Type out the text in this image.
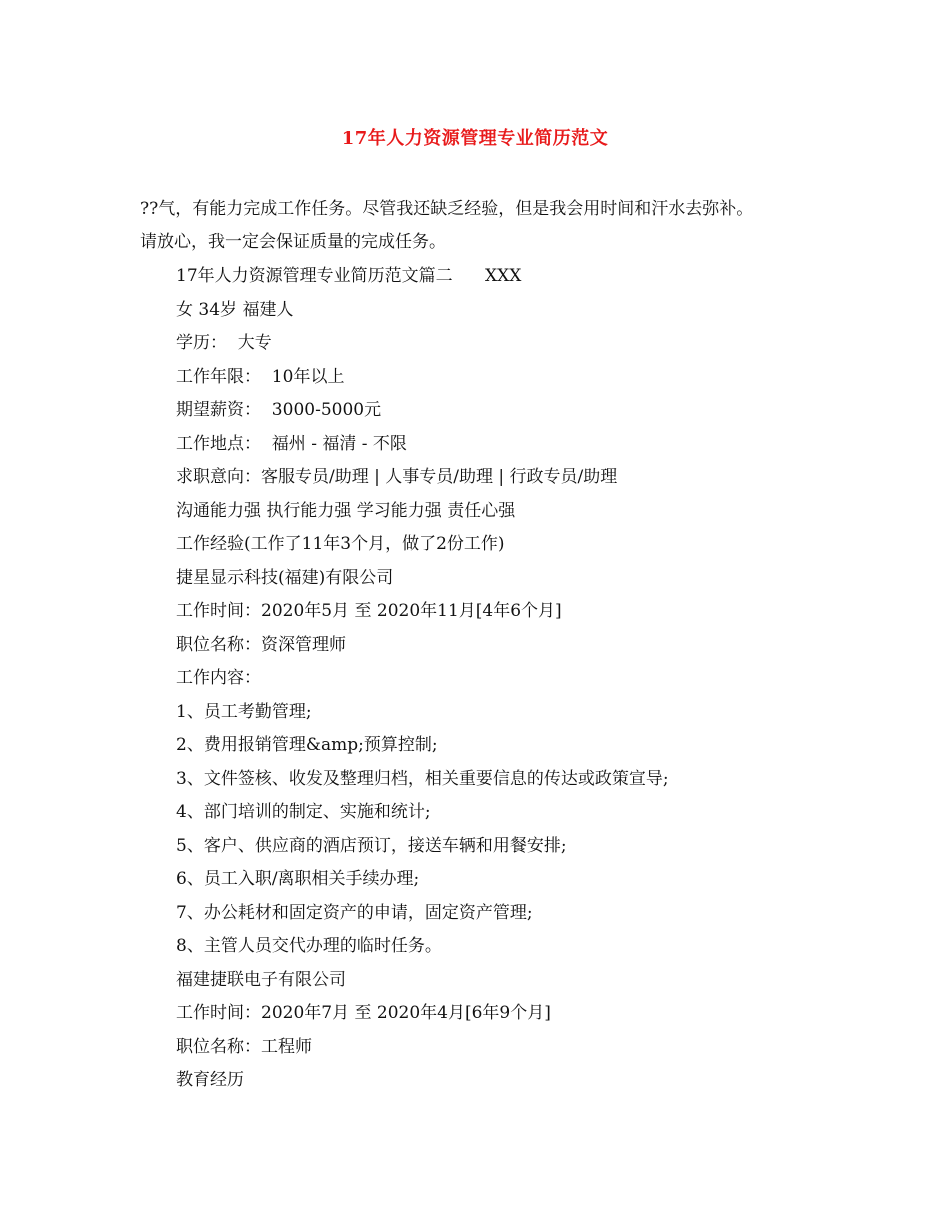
17年人力资源管理专业简历范文

??气，有能力完成工作任务。尽管我还缺乏经验，但是我会用时间和汗水去弥补。

请放心，我一定会保证质量的完成任务。

17年人力资源管理专业简历范文篇二      XXX

女 34岁 福建人

学历：  大专

工作年限：  10年以上

期望薪资：  3000-5000元

工作地点：  福州 - 福清 - 不限

求职意向：客服专员/助理 | 人事专员/助理 | 行政专员/助理

沟通能力强 执行能力强 学习能力强 责任心强

工作经验(工作了11年3个月，做了2份工作)

捷星显示科技(福建)有限公司

工作时间：2020年5月 至 2020年11月[4年6个月]

职位名称：资深管理师

工作内容：

1、员工考勤管理;

2、费用报销管理&amp;预算控制;

3、文件签核、收发及整理归档，相关重要信息的传达或政策宣导;

4、部门培训的制定、实施和统计;

5、客户、供应商的酒店预订，接送车辆和用餐安排;

6、员工入职/离职相关手续办理;

7、办公耗材和固定资产的申请，固定资产管理;

8、主管人员交代办理的临时任务。

福建捷联电子有限公司

工作时间：2020年7月 至 2020年4月[6年9个月]

职位名称：工程师

教育经历
